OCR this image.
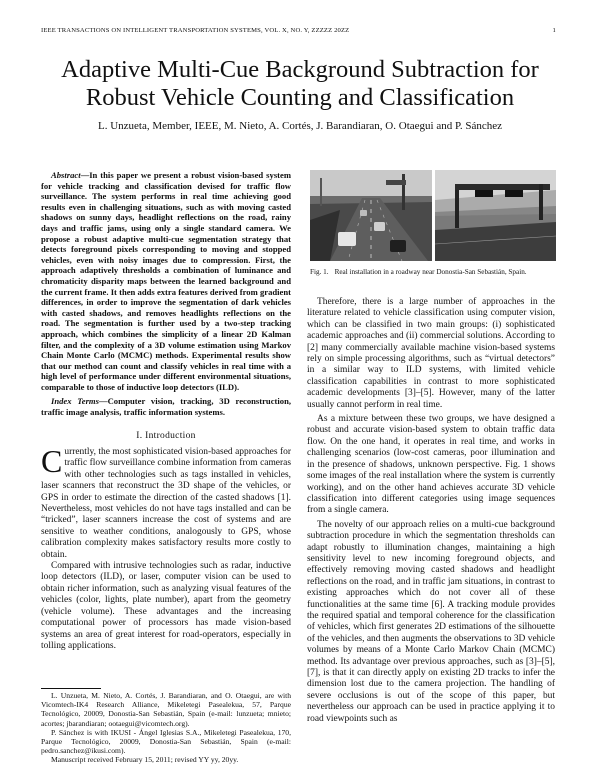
IEEE TRANSACTIONS ON INTELLIGENT TRANSPORTATION SYSTEMS, VOL. X, NO. Y, ZZZZZ 20ZZ	1
Adaptive Multi-Cue Background Subtraction for
Robust Vehicle Counting and Classification
L. Unzueta, Member, IEEE, M. Nieto, A. Cortés, J. Barandiaran, O. Otaegui and P. Sánchez

Abstract—In this paper we present a robust vision-based system for vehicle tracking and classification devised for traffic flow surveillance. The system performs in real time achieving good results even in challenging situations, such as with moving casted shadows on sunny days, headlight reflections on the road, rainy days and traffic jams, using only a single standard camera. We propose a robust adaptive multi-cue segmentation strategy that detects foreground pixels corresponding to moving and stopped vehicles, even with noisy images due to compression. First, the approach adaptively thresholds a combination of luminance and chromaticity disparity maps between the learned background and the current frame. It then adds extra features derived from gradient differences, in order to improve the segmentation of dark vehicles with casted shadows, and removes headlights reflections on the road. The segmentation is further used by a two-step tracking approach, which combines the simplicity of a linear 2D Kalman filter, and the complexity of a 3D volume estimation using Markov Chain Monte Carlo (MCMC) methods. Experimental results show that our method can count and classify vehicles in real time with a high level of performance under different environmental situations, comparable to those of inductive loop detectors (ILD).

Index Terms—Computer vision, tracking, 3D reconstruction, traffic image analysis, traffic information systems.

I. Introduction

Currently, the most sophisticated vision-based approaches for traffic flow surveillance combine information from cameras with other technologies such as tags installed in vehicles, laser scanners that reconstruct the 3D shape of the vehicles, or GPS in order to estimate the direction of the casted shadows [1]. Nevertheless, most vehicles do not have tags installed and can be “tricked”, laser scanners increase the cost of systems and are sensitive to weather conditions, analogously to GPS, whose calibration complexity makes satisfactory results more costly to obtain.

Compared with intrusive technologies such as radar, inductive loop detectors (ILD), or laser, computer vision can be used to obtain richer information, such as analyzing visual features of the vehicles (color, lights, plate number), apart from the geometry (vehicle volume). These advantages and the increasing computational power of processors has made vision-based systems an area of great interest for road-operators, especially in tolling applications.

L. Unzueta, M. Nieto, A. Cortés, J. Barandiaran, and O. Otaegui, are with Vicomtech-IK4 Research Alliance, Mikeletegi Pasealekua, 57, Parque Tecnológico, 20009, Donostia-San Sebastián, Spain (e-mail: lunzueta; mnieto; acortes; jbarandiaran; ootaegui@vicomtech.org).

P. Sánchez is with IKUSI - Ángel Iglesias S.A., Mikeletegi Pasealekua, 170, Parque Tecnológico, 20009, Donostia-San Sebastián, Spain (e-mail: pedro.sanchez@ikusi.com).

Manuscript received February 15, 2011; revised YY yy, 20yy.

Fig. 1. Real installation in a roadway near Donostia-San Sebastián, Spain.

Therefore, there is a large number of approaches in the literature related to vehicle classification using computer vision, which can be classified in two main groups: (i) sophisticated academic approaches and (ii) commercial solutions. According to [2] many commercially available machine vision-based systems rely on simple processing algorithms, such as “virtual detectors” in a similar way to ILD systems, with limited vehicle classification capabilities in contrast to more sophisticated academic developments [3]–[5]. However, many of the latter usually cannot perform in real time.

As a mixture between these two groups, we have designed a robust and accurate vision-based system to obtain traffic data flow. On the one hand, it operates in real time, and works in challenging scenarios (low-cost cameras, poor illumination and in the presence of shadows, unknown perspective. Fig. 1 shows some images of the real installation where the system is currently working), and on the other hand achieves accurate 3D vehicle classification into different categories using image sequences from a single camera.

The novelty of our approach relies on a multi-cue background subtraction procedure in which the segmentation thresholds can adapt robustly to illumination changes, maintaining a high sensitivity level to new incoming foreground objects, and effectively removing moving casted shadows and headlight reflections on the road, and in traffic jam situations, in contrast to existing approaches which do not cover all of these functionalities at the same time [6]. A tracking module provides the required spatial and temporal coherence for the classification of vehicles, which first generates 2D estimations of the silhouette of the vehicles, and then augments the observations to 3D vehicle volumes by means of a Monte Carlo Markov Chain (MCMC) method. Its advantage over previous approaches, such as [3]–[5], [7], is that it can directly apply on existing 2D tracks to infer the dimension lost due to the camera projection. The handling of severe occlusions is out of the scope of this paper, but nevertheless our approach can be used in practice applying it to road viewpoints such as
